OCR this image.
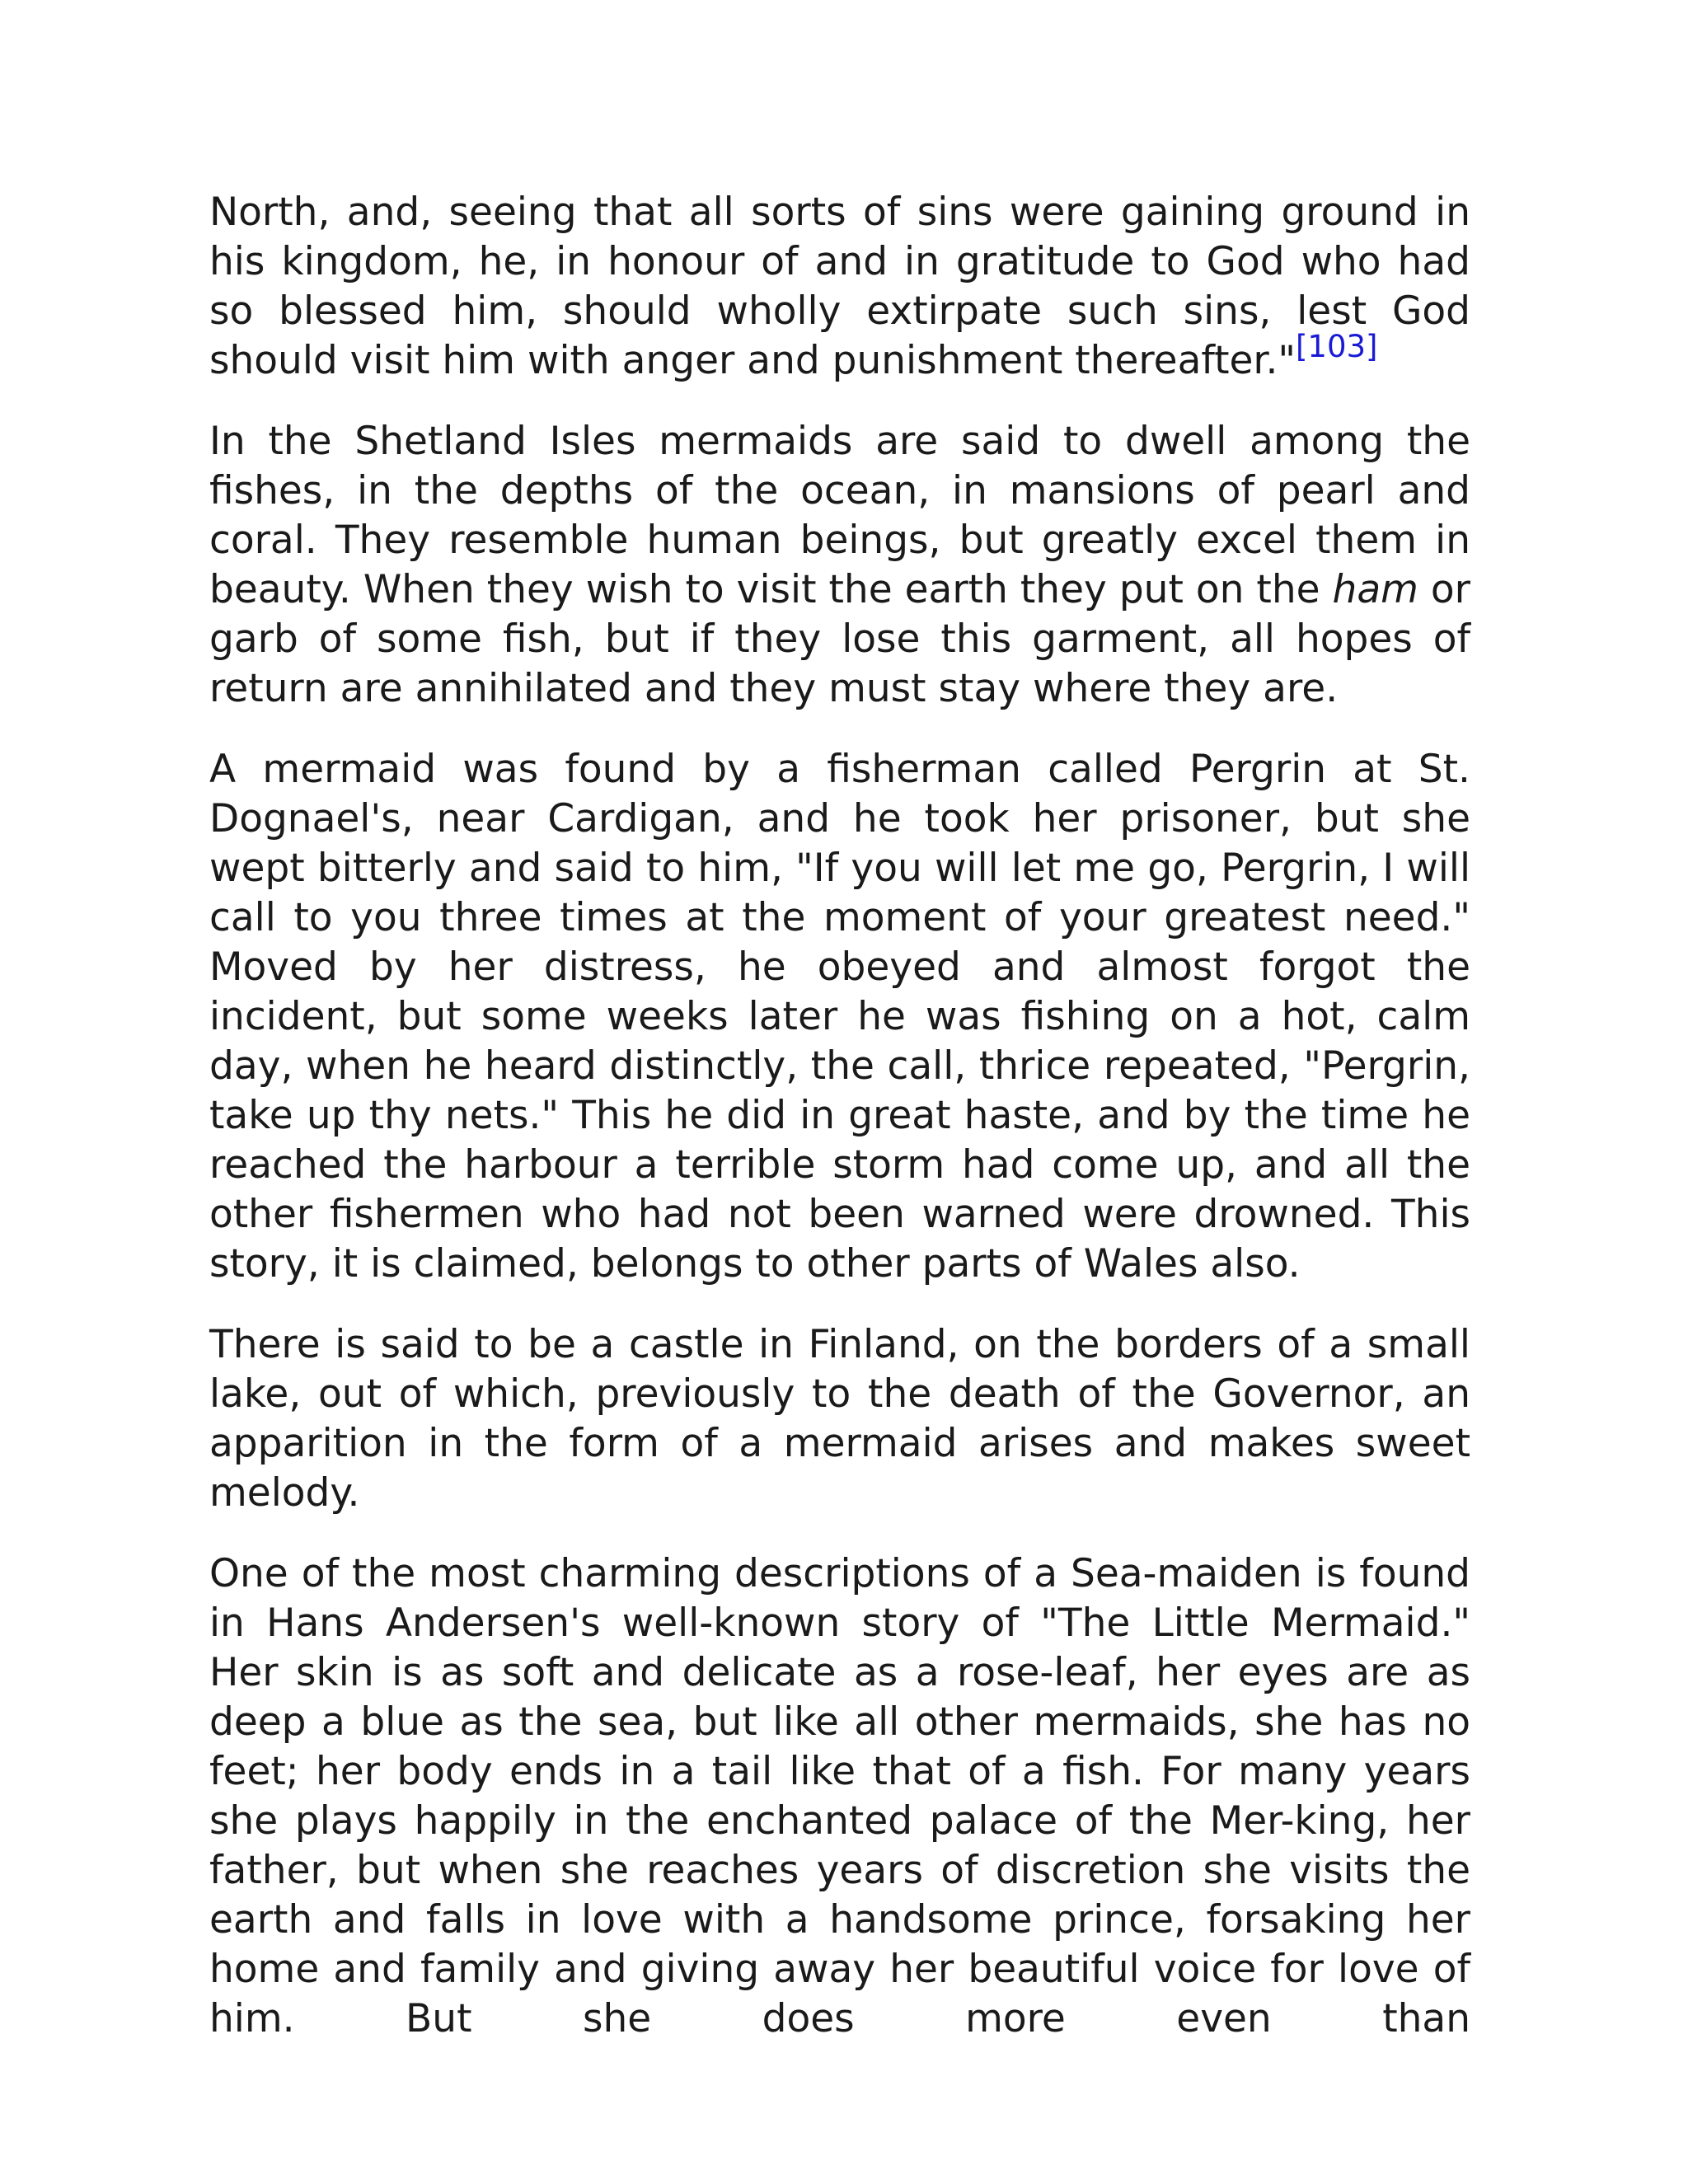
North, and, seeing that all sorts of sins were gaining ground in his kingdom, he, in honour of and in gratitude to God who had so blessed him, should wholly extirpate such sins, lest God should visit him with anger and punishment thereafter."[103]

In the Shetland Isles mermaids are said to dwell among the fishes, in the depths of the ocean, in mansions of pearl and coral. They resemble human beings, but greatly excel them in beauty. When they wish to visit the earth they put on the ham or garb of some fish, but if they lose this garment, all hopes of return are annihilated and they must stay where they are.

A mermaid was found by a fisherman called Pergrin at St. Dognael's, near Cardigan, and he took her prisoner, but she wept bitterly and said to him, "If you will let me go, Pergrin, I will call to you three times at the moment of your greatest need." Moved by her distress, he obeyed and almost forgot the incident, but some weeks later he was fishing on a hot, calm day, when he heard distinctly, the call, thrice repeated, "Pergrin, take up thy nets." This he did in great haste, and by the time he reached the harbour a terrible storm had come up, and all the other fishermen who had not been warned were drowned. This story, it is claimed, belongs to other parts of Wales also.

There is said to be a castle in Finland, on the borders of a small lake, out of which, previously to the death of the Governor, an apparition in the form of a mermaid arises and makes sweet melody.

One of the most charming descriptions of a Sea-maiden is found in Hans Andersen's well-known story of "The Little Mermaid." Her skin is as soft and delicate as a rose-leaf, her eyes are as deep a blue as the sea, but like all other mermaids, she has no feet; her body ends in a tail like that of a fish. For many years she plays happily in the enchanted palace of the Mer-king, her father, but when she reaches years of discretion she visits the earth and falls in love with a handsome prince, forsaking her home and family and giving away her beautiful voice for love of him. But she does more even than
